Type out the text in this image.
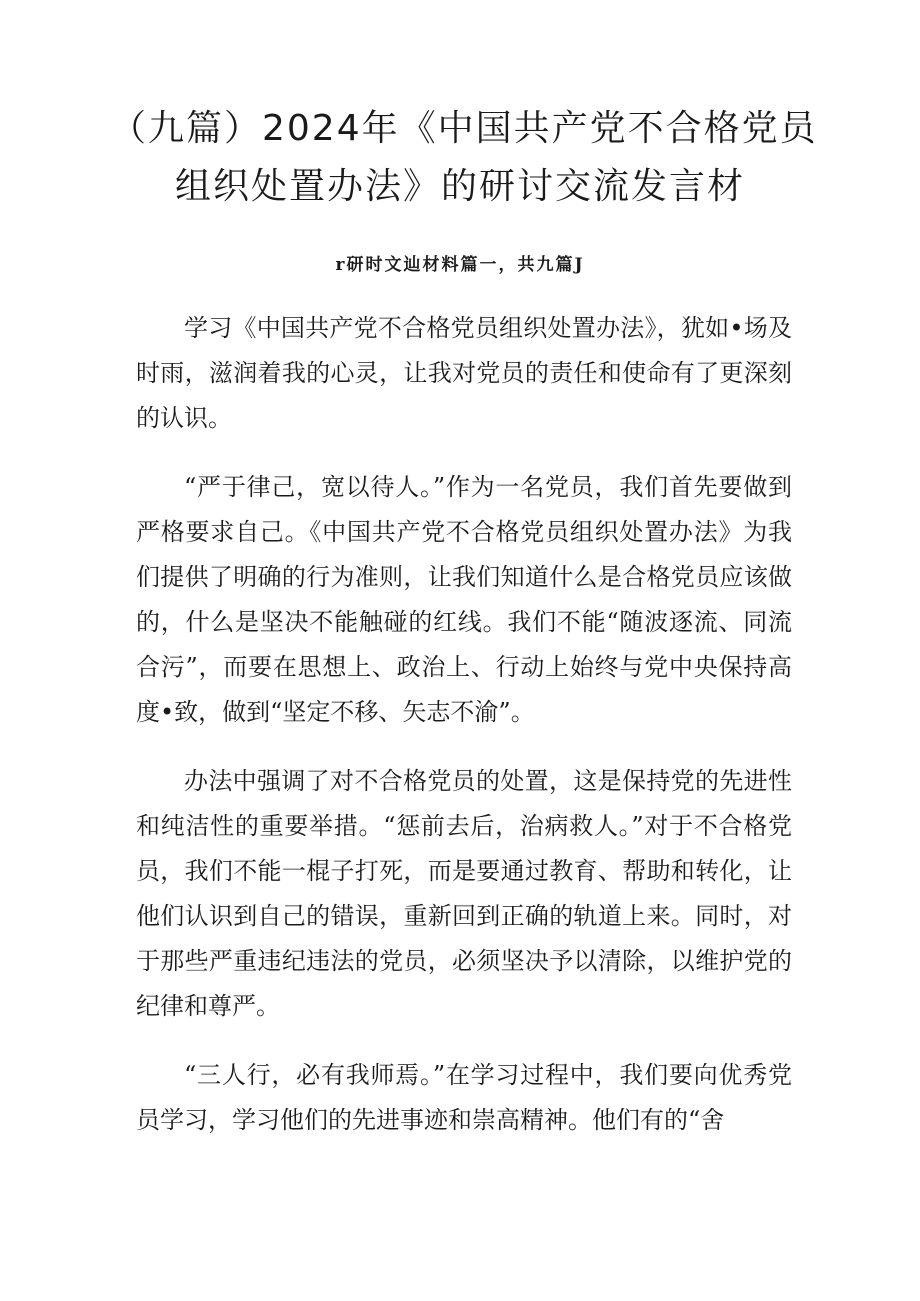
（九篇）2024年《中国共产党不合格党员
组织处置办法》的研讨交流发言材

r研时文辿材料篇一，共九篇J

学习《中国共产党不合格党员组织处置办法》，犹如•场及时雨，滋润着我的心灵，让我对党员的责任和使命有了更深刻的认识。

“严于律己，宽以待人。”作为一名党员，我们首先要做到严格要求自己。《中国共产党不合格党员组织处置办法》为我们提供了明确的行为准则，让我们知道什么是合格党员应该做的，什么是坚决不能触碰的红线。我们不能“随波逐流、同流合污”，而要在思想上、政治上、行动上始终与党中央保持高度•致，做到“坚定不移、矢志不渝”。

办法中强调了对不合格党员的处置，这是保持党的先进性和纯洁性的重要举措。“惩前去后，治病救人。”对于不合格党员，我们不能一棍子打死，而是要通过教育、帮助和转化，让他们认识到自己的错误，重新回到正确的轨道上来。同时，对于那些严重违纪违法的党员，必须坚决予以清除，以维护党的纪律和尊严。

“三人行，必有我师焉。”在学习过程中，我们要向优秀党员学习，学习他们的先进事迹和崇高精神。他们有的“舍
